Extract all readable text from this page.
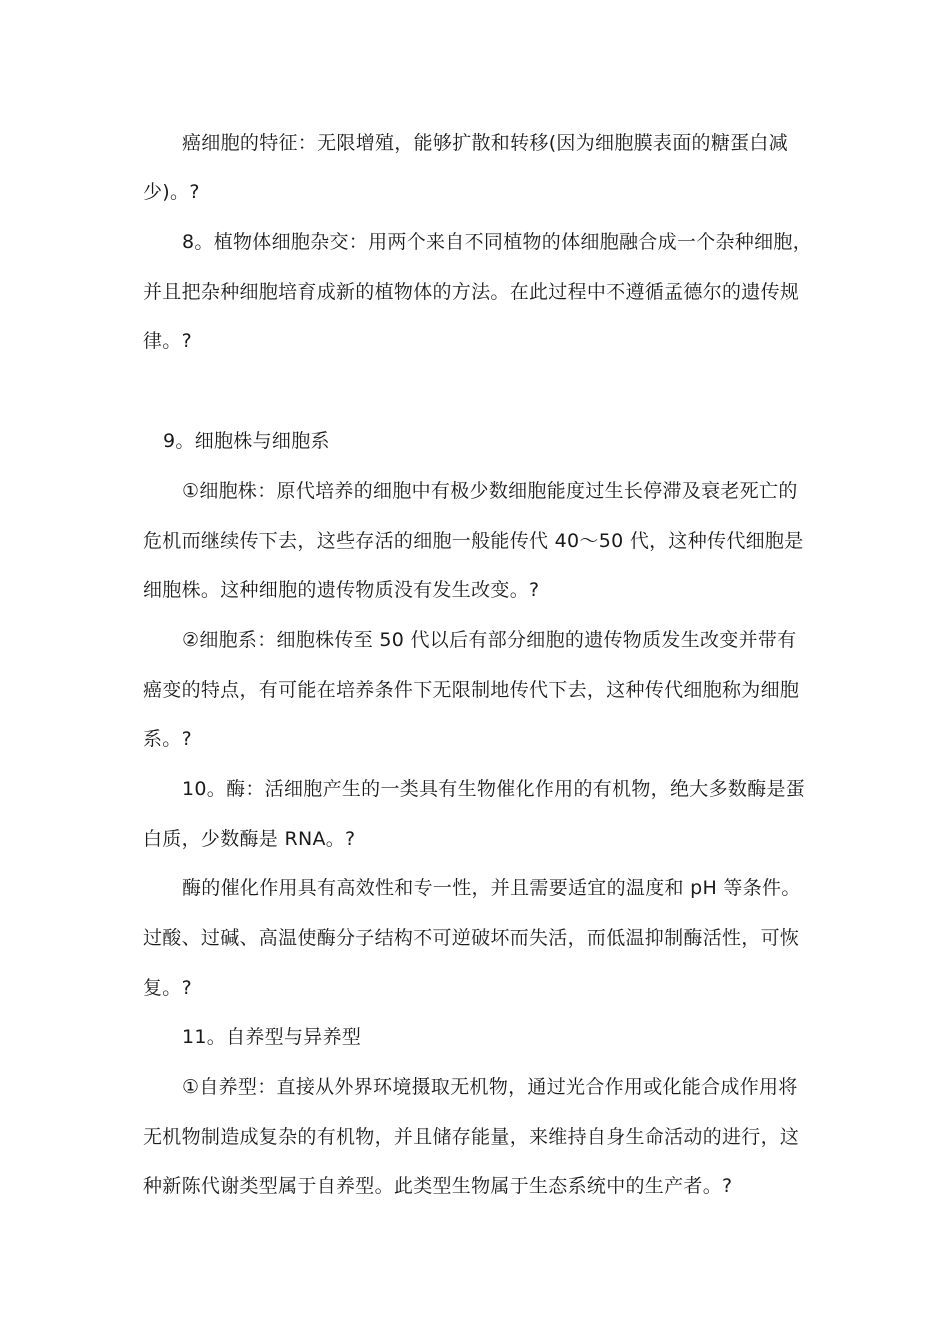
癌细胞的特征：无限增殖，能够扩散和转移(因为细胞膜表面的糖蛋白减
少)。?
8。植物体细胞杂交：用两个来自不同植物的体细胞融合成一个杂种细胞，
并且把杂种细胞培育成新的植物体的方法。在此过程中不遵循孟德尔的遗传规
律。?
9。细胞株与细胞系
①细胞株：原代培养的细胞中有极少数细胞能度过生长停滞及衰老死亡的
危机而继续传下去，这些存活的细胞一般能传代 40～50 代，这种传代细胞是
细胞株。这种细胞的遗传物质没有发生改变。?
②细胞系：细胞株传至 50 代以后有部分细胞的遗传物质发生改变并带有
癌变的特点，有可能在培养条件下无限制地传代下去，这种传代细胞称为细胞
系。?
10。酶：活细胞产生的一类具有生物催化作用的有机物，绝大多数酶是蛋
白质，少数酶是 RNA。?
酶的催化作用具有高效性和专一性，并且需要适宜的温度和 pH 等条件。
过酸、过碱、高温使酶分子结构不可逆破坏而失活，而低温抑制酶活性，可恢
复。?
11。自养型与异养型
①自养型：直接从外界环境摄取无机物，通过光合作用或化能合成作用将
无机物制造成复杂的有机物，并且储存能量，来维持自身生命活动的进行，这
种新陈代谢类型属于自养型。此类型生物属于生态系统中的生产者。?
